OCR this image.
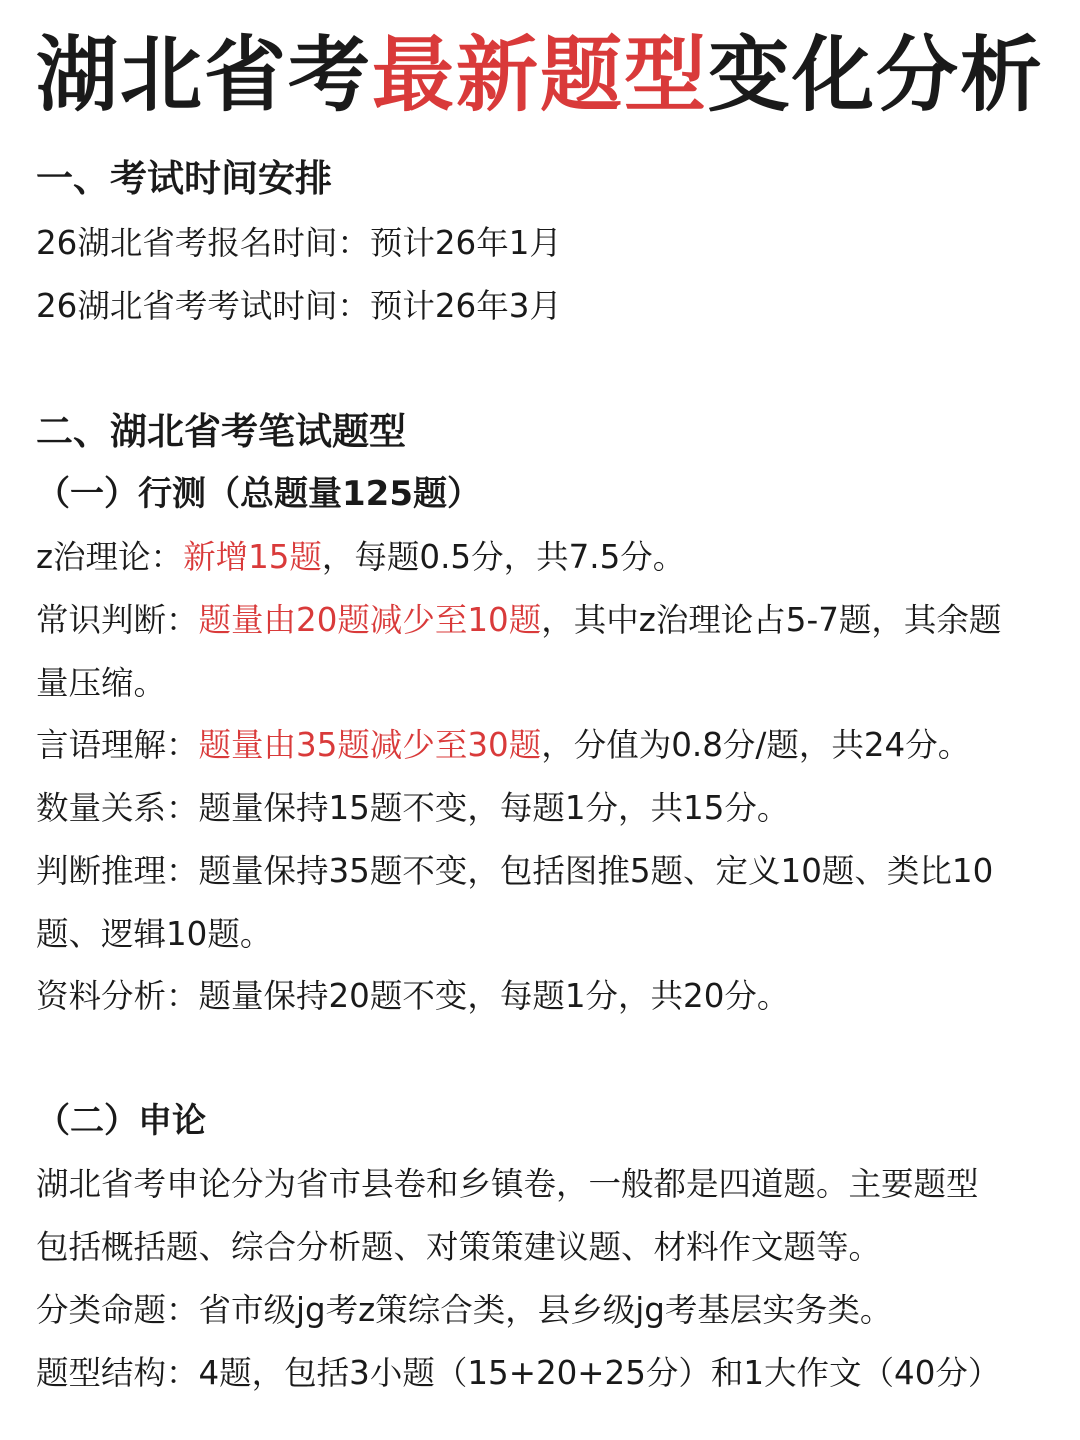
湖北省考最新题型变化分析
一、考试时间安排
26湖北省考报名时间：预计26年1月
26湖北省考考试时间：预计26年3月
二、湖北省考笔试题型
（一）行测（总题量125题）
z治理论：新增15题，每题0.5分，共7.5分。
常识判断：题量由20题减少至10题，其中z治理论占5-7题，其余题
量压缩。
言语理解：题量由35题减少至30题，分值为0.8分/题，共24分。
数量关系：题量保持15题不变，每题1分，共15分。
判断推理：题量保持35题不变，包括图推5题、定义10题、类比10
题、逻辑10题。
资料分析：题量保持20题不变，每题1分，共20分。
（二）申论
湖北省考申论分为省市县卷和乡镇卷，一般都是四道题。主要题型
包括概括题、综合分析题、对策策建议题、材料作文题等。
分类命题：省市级jg考z策综合类，县乡级jg考基层实务类。
题型结构：4题，包括3小题（15+20+25分）和1大作文（40分）
